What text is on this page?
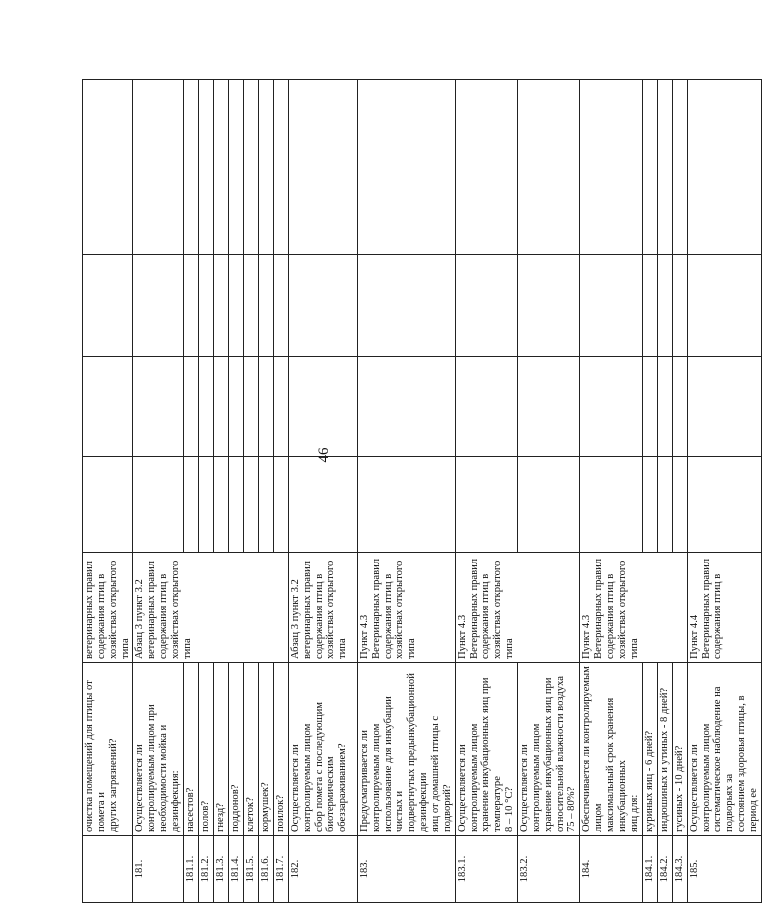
46
	очистка помещений для птицы от помета и
других загрязнений?	ветеринарных правил
содержания птиц в
хозяйствах открытого
типа				
181.	Осуществляется ли контролируемым лицом при
необходимости мойка и дезинфекция:	Абзац 3 пункт 3.2
ветеринарных правил
содержания птиц в
хозяйствах открытого
типа				
181.1.	насестов?					
181.2.	полов?					
181.3.	гнезд?					
181.4.	поддонов?					
181.5.	клеток?					
181.6.	кормушек?					
181.7.	поилок?					
182.	Осуществляется ли контролируемым лицом
сбор помета с последующим биотермическим
обеззараживанием?	Абзац 3 пункт 3.2
ветеринарных правил
содержания птиц в
хозяйствах открытого
типа				
183.	Предусматривается ли контролируемым лицом
использование для инкубации чистых и
подвергнутых предынкубационной дезинфекции
яиц от домашней птицы с подворий?	Пункт 4.3
Ветеринарных правил
содержания птиц в
хозяйствах открытого
типа				
183.1.	Осуществляется ли контролируемым лицом
хранение инкубационных яиц при температуре
8 – 10 °С?	Пункт 4.3
Ветеринарных правил
содержания птиц в
хозяйствах открытого
типа				
183.2.	Осуществляется ли контролируемым лицом
хранение инкубационных яиц при
относительной влажности воздуха 75 – 80%?					
184.	Обеспечивается ли контролируемым лицом
максимальный срок хранения инкубационных
яиц для:	Пункт 4.3
Ветеринарных правил
содержания птиц в
хозяйствах открытого
типа				
184.1.	куриных яиц - 6 дней?					
184.2.	индюшиных и утиных - 8 дней?					
184.3.	гусиных - 10 дней?					
185.	Осуществляется ли контролируемым лицом
систематическое наблюдение на подворьях за
состоянием здоровья птицы, в период ее	Пункт 4.4
Ветеринарных правил
содержания птиц в				
